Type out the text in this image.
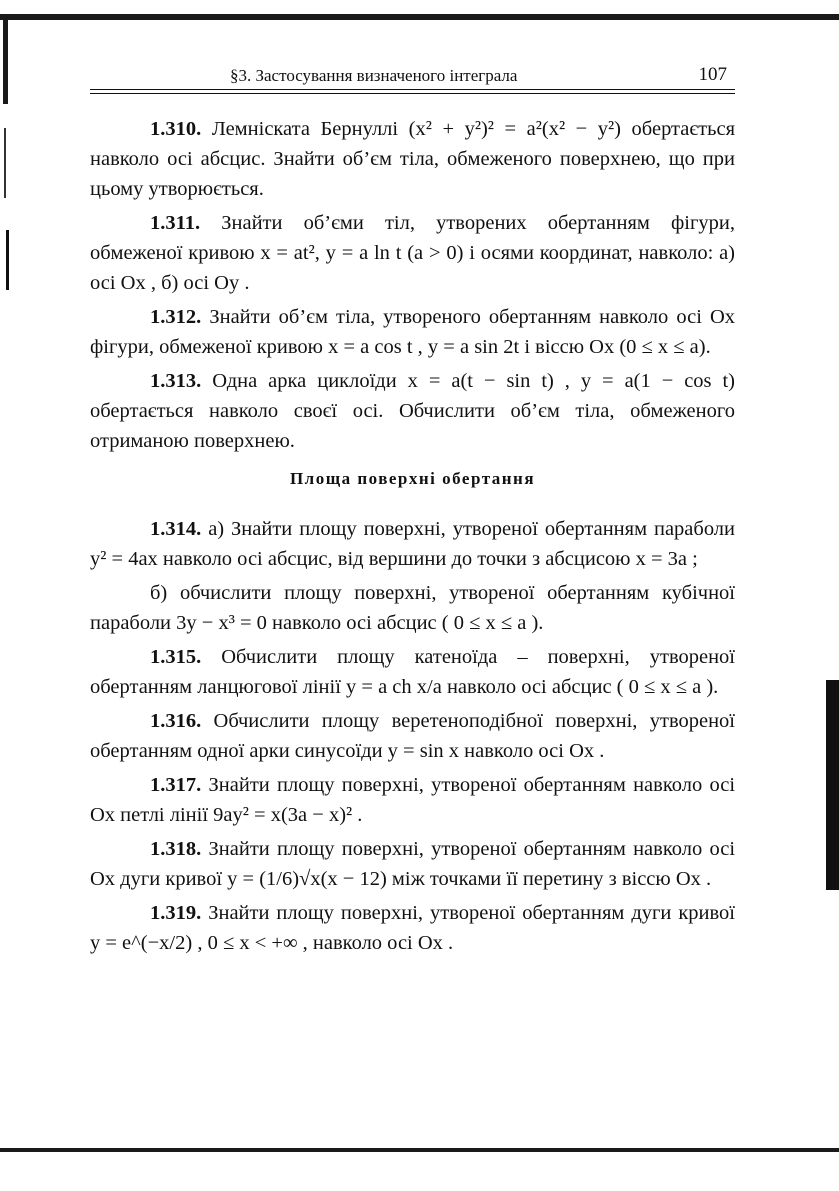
§3. Застосування визначеного інтеграла	107

1.310. Лемніската Бернуллі (x² + y²)² = a²(x² − y²) обертається навколо осі абсцис. Знайти об’єм тіла, обмеженого поверхнею, що при цьому утворюється.

1.311. Знайти об’єми тіл, утворених обертанням фігури, обмеженої кривою x = at², y = a ln t (a > 0) і осями координат, навколо: а) осі Ox , б) осі Oy .

1.312. Знайти об’єм тіла, утвореного обертанням навколо осі Ox фігури, обмеженої кривою x = a cos t , y = a sin 2t і віссю Ox (0 ≤ x ≤ a).

1.313. Одна арка циклоїди x = a(t − sin t) , y = a(1 − cos t) обертається навколо своєї осі. Обчислити об’єм тіла, обмеженого отриманою поверхнею.

Площа поверхні обертання

1.314. а) Знайти площу поверхні, утвореної обертанням параболи y² = 4ax навколо осі абсцис, від вершини до точки з абсцисою x = 3a ;

б) обчислити площу поверхні, утвореної обертанням кубічної параболи 3y − x³ = 0 навколо осі абсцис ( 0 ≤ x ≤ a ).

1.315. Обчислити площу катеноїда – поверхні, утвореної обертанням ланцюгової лінії y = a ch x/a навколо осі абсцис ( 0 ≤ x ≤ a ).

1.316. Обчислити площу веретеноподібної поверхні, утвореної обертанням одної арки синусоїди y = sin x навколо осі Ox .

1.317. Знайти площу поверхні, утвореної обертанням навколо осі Ox петлі лінії 9ay² = x(3a − x)² .

1.318. Знайти площу поверхні, утвореної обертанням навколо осі Ox дуги кривої y = (1/6)√x(x − 12) між точками її перетину з віссю Ox .

1.319. Знайти площу поверхні, утвореної обертанням дуги кривої y = e^(−x/2) , 0 ≤ x < +∞ , навколо осі Ox .
